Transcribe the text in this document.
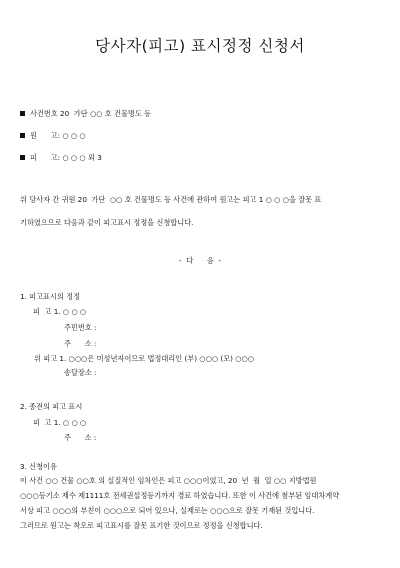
당사자(피고) 표시정정 신청서
사건번호 20  가단 ○○ 호 건물명도 등
원      고: ○ ○ ○
피      고: ○ ○ ○ 외 3
위 당사자 간 귀원 20  가단  ○○ 호 건물명도 등 사건에 관하여 원고는 피고 1 ○ ○ ○을 잘못 표
기하였으므로 다음과 같이 피고표시 정정을 신청합니다.
-  다      음  -
1. 피고표시의 정정
피  고 1. ○ ○ ○
주민번호 :
주      소 :
위 피고 1. ○○○은 미성년자이므로 법정대리인 (부) ○○○ (모) ○○○
송달장소 :
2. 종전의 피고 표시
피  고 1. ○ ○ ○
주      소 :
3. 신청이유
이 사건 ○○ 건물 ○○호 의 실질적인 임차인은 피고 ○○○이었고, 20  년  월  일 ○○ 지방법원
○○○등기소 제수 제1111호 전세권설정등기까지 경료 하였습니다. 또한 이 사건에 첨부된 임대차계약
서상 피고 ○○○의 부친이 ○○○으로 되어 있으나, 실제로는 ○○○으로 잘못 기재된 것입니다.
그러므로 원고는 착오로 피고표시를 잘못 표기한 것이므로 정정을 신청합니다.
